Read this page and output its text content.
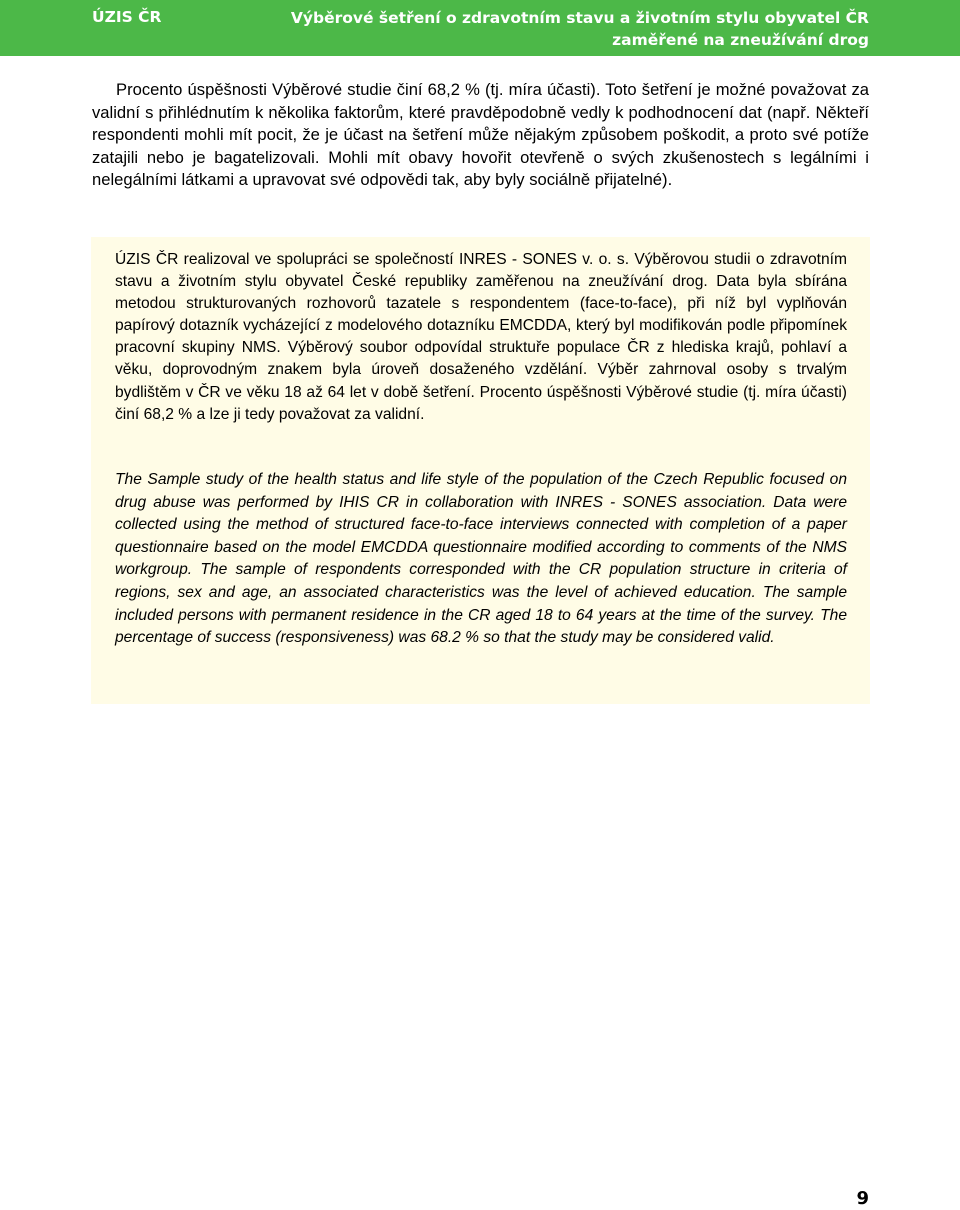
ÚZIS ČR	Výběrové šetření o zdravotním stavu a životním stylu obyvatel ČR
zaměřené na zneužívání drog

Procento úspěšnosti Výběrové studie činí 68,2 % (tj. míra účasti). Toto šetření je možné považovat za validní s přihlédnutím k několika faktorům, které pravděpodobně vedly k podhodnocení dat (např. Někteří respondenti mohli mít pocit, že je účast na šetření může nějakým způsobem poškodit, a proto své potíže zatajili nebo je bagatelizovali. Mohli mít obavy hovořit otevřeně o svých zkušenostech s legálními i nelegálními látkami a upravovat své odpovědi tak, aby byly sociálně přijatelné).

ÚZIS ČR realizoval ve spolupráci se společností INRES - SONES v. o. s. Výběrovou studii o zdravotním stavu a životním stylu obyvatel České republiky zaměřenou na zneužívání drog. Data byla sbírána metodou strukturovaných rozhovorů tazatele s respondentem (face-to-face), při níž byl vyplňován papírový dotazník vycházející z modelového dotazníku EMCDDA, který byl modifikován podle připomínek pracovní skupiny NMS. Výběrový soubor odpovídal struktuře populace ČR z hlediska krajů, pohlaví a věku, doprovodným znakem byla úroveň dosaženého vzdělání. Výběr zahrnoval osoby s trvalým bydlištěm v ČR ve věku 18 až 64 let v době šetření. Procento úspěšnosti Výběrové studie (tj. míra účasti) činí 68,2 % a lze ji tedy považovat za validní.

The Sample study of the health status and life style of the population of the Czech Republic focused on drug abuse was performed by IHIS CR in collaboration with INRES - SONES association. Data were collected using the method of structured face-to-face interviews connected with completion of a paper questionnaire based on the model EMCDDA questionnaire modified according to comments of the NMS workgroup. The sample of respondents corresponded with the CR population structure in criteria of regions, sex and age, an associated characteristics was the level of achieved education. The sample included persons with permanent residence in the CR aged 18 to 64 years at the time of the survey. The percentage of success (responsiveness) was 68.2 % so that the study may be considered valid.

9
